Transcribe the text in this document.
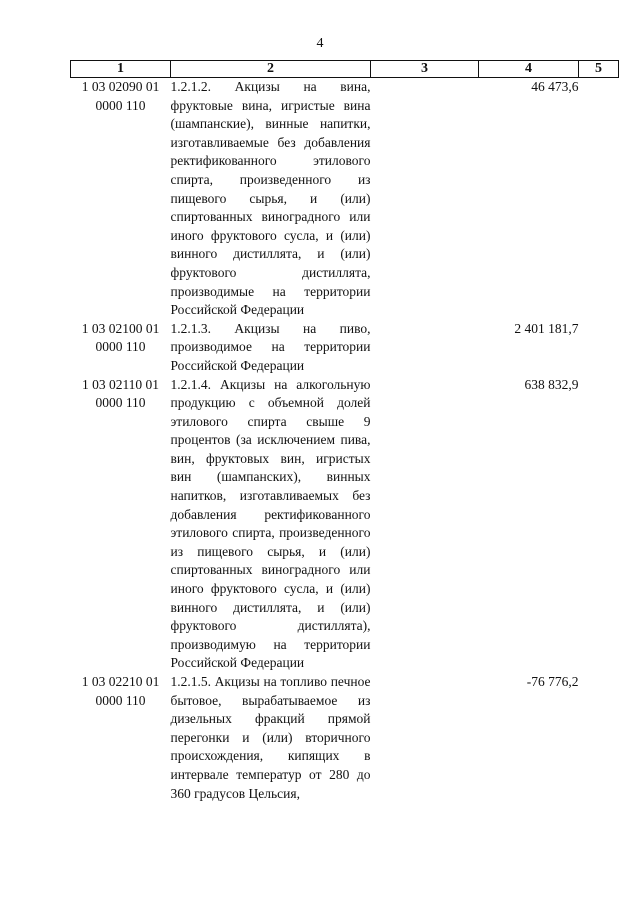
4
1	2	3	4	5

1 03 02090 01
0000 110	1.2.1.2. Акцизы на вина, фруктовые вина, игристые вина (шампанские), винные напитки, изготавливаемые без добавления ректификованного этилового спирта, произведенного из пищевого сырья, и (или) спиртованных виноградного или иного фруктового сусла, и (или) винного дистиллята, и (или) фруктового дистиллята, производимые на территории Российской Федерации		46 473,6	

1 03 02100 01
0000 110	1.2.1.3. Акцизы на пиво, производимое на территории Российской Федерации		2 401 181,7	

1 03 02110 01
0000 110	1.2.1.4. Акцизы на алкогольную продукцию с объемной долей этилового спирта свыше 9 процентов (за исключением пива, вин, фруктовых вин, игристых вин (шампанских), винных напитков, изготавливаемых без добавления ректификованного этилового спирта, произведенного из пищевого сырья, и (или) спиртованных виноградного или иного фруктового сусла, и (или) винного дистиллята, и (или) фруктового дистиллята), производимую на территории Российской Федерации		638 832,9	

1 03 02210 01
0000 110	1.2.1.5. Акцизы на топливо печное бытовое, вырабатываемое из дизельных фракций прямой перегонки и (или) вторичного происхождения, кипящих в интервале температур от 280 до 360 градусов Цельсия,		-76 776,2	
